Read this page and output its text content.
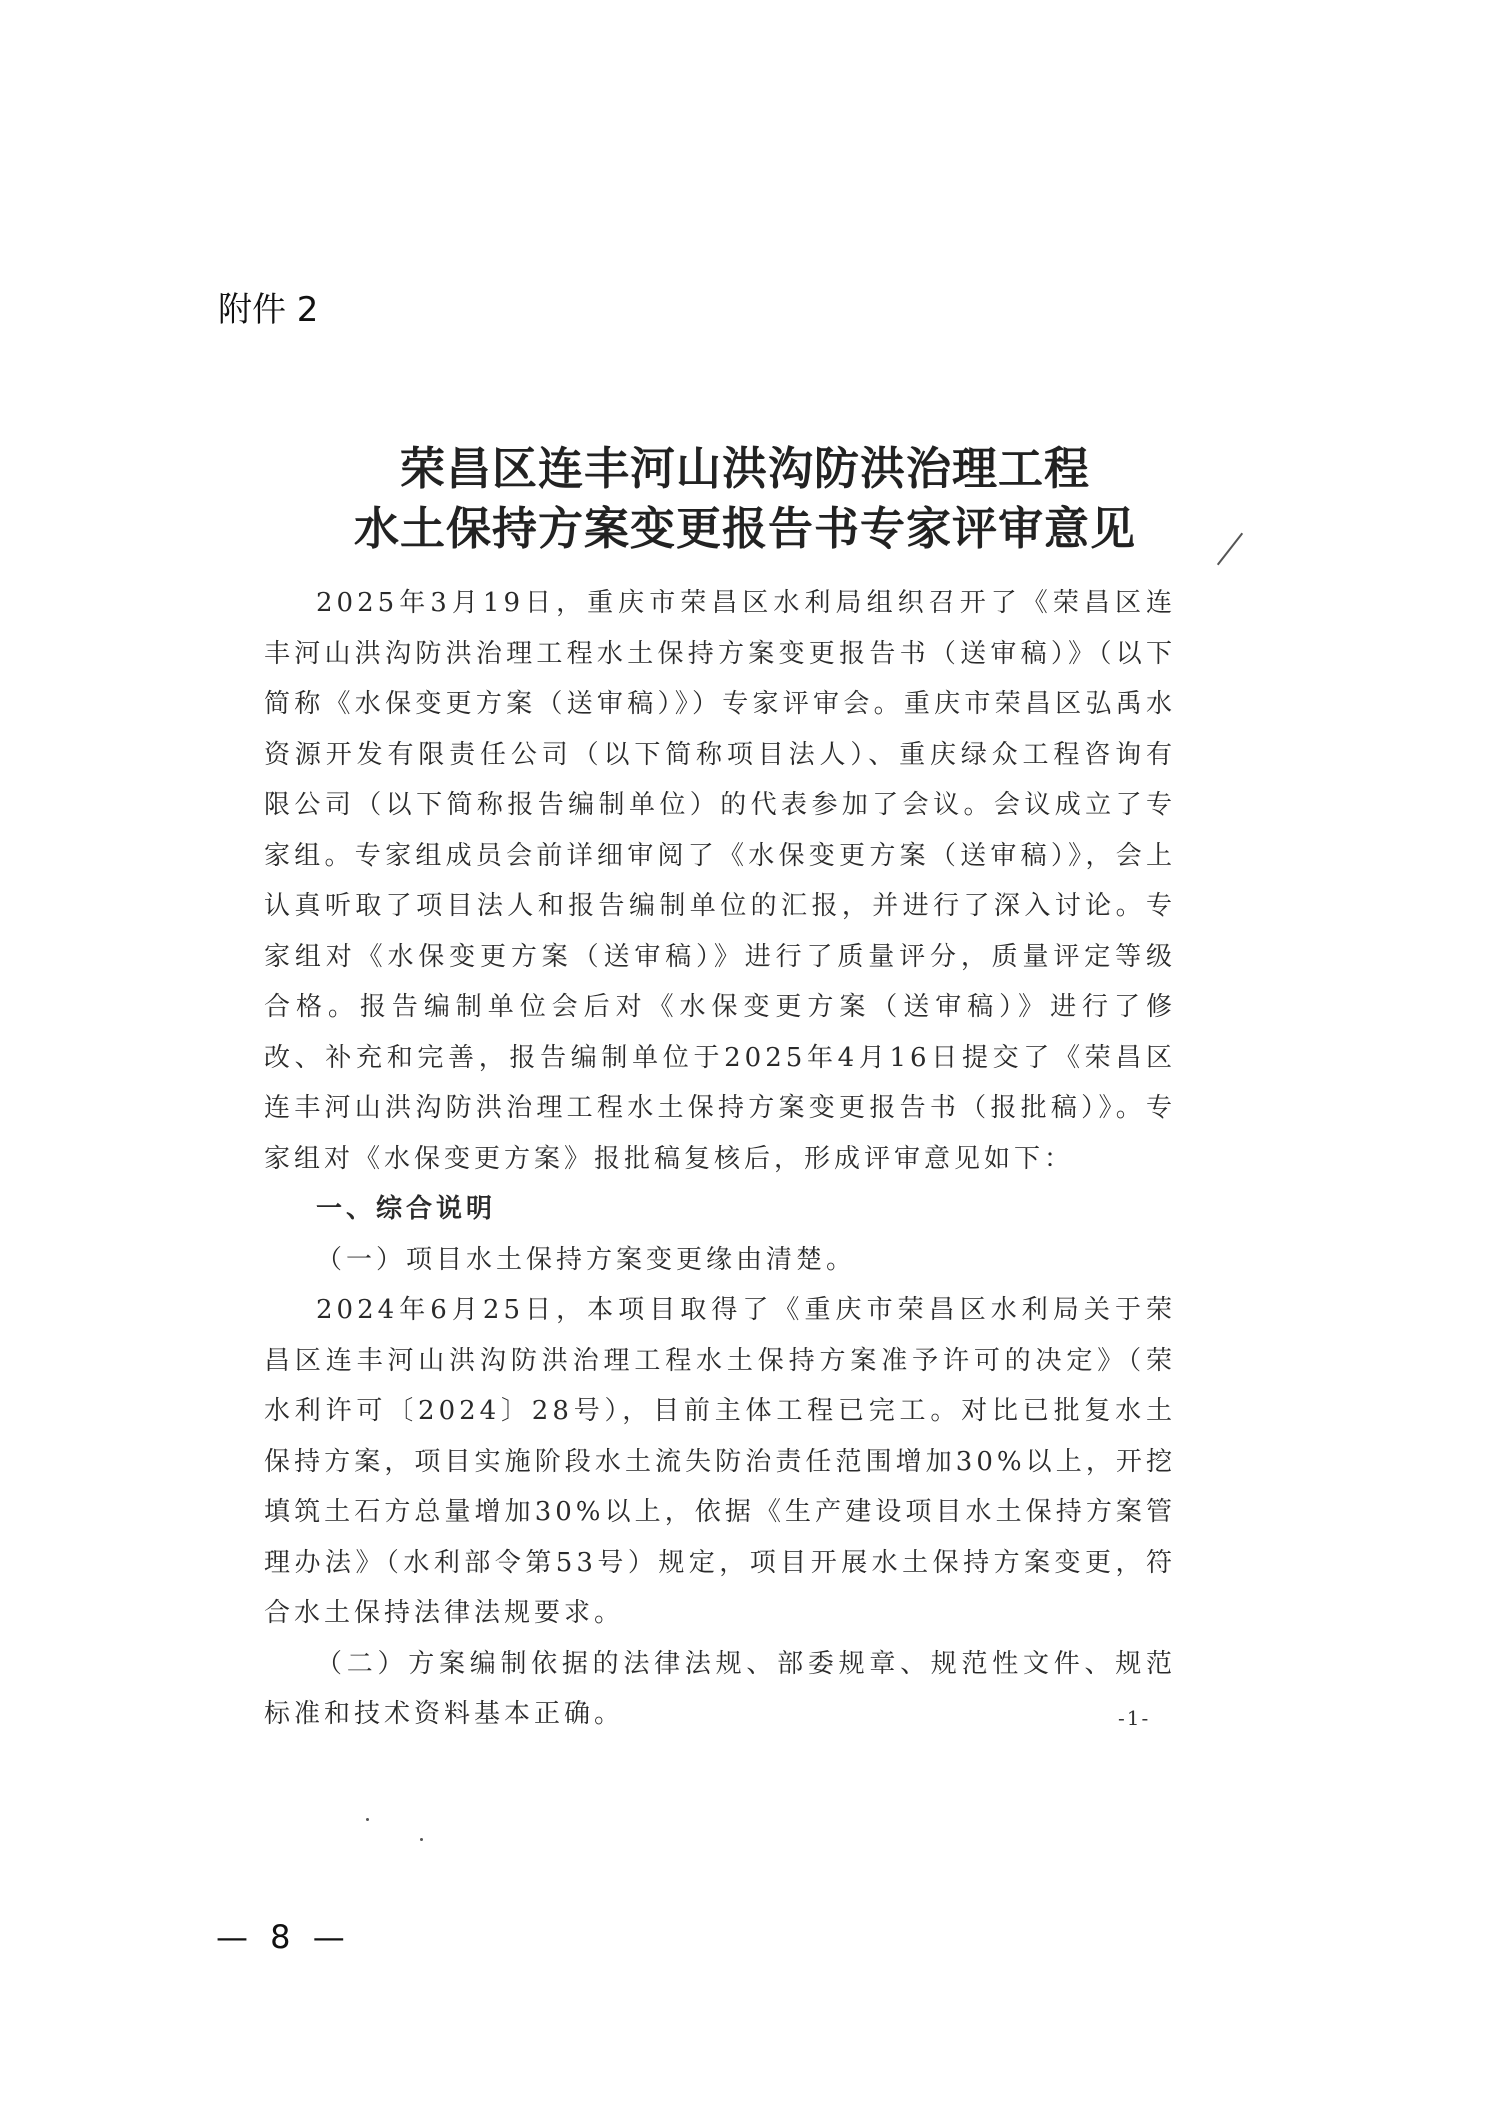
附件 2
荣昌区连丰河山洪沟防洪治理工程
水土保持方案变更报告书专家评审意见

2025年3月19日，重庆市荣昌区水利局组织召开了《荣昌区连丰河山洪沟防洪治理工程水土保持方案变更报告书（送审稿）》（以下简称《水保变更方案（送审稿）》）专家评审会。重庆市荣昌区弘禹水资源开发有限责任公司（以下简称项目法人）、重庆绿众工程咨询有限公司（以下简称报告编制单位）的代表参加了会议。会议成立了专家组。专家组成员会前详细审阅了《水保变更方案（送审稿）》，会上认真听取了项目法人和报告编制单位的汇报，并进行了深入讨论。专家组对《水保变更方案（送审稿）》进行了质量评分，质量评定等级合格。报告编制单位会后对《水保变更方案（送审稿）》进行了修改、补充和完善，报告编制单位于2025年4月16日提交了《荣昌区连丰河山洪沟防洪治理工程水土保持方案变更报告书（报批稿）》。专家组对《水保变更方案》报批稿复核后，形成评审意见如下：

一、综合说明

（一）项目水土保持方案变更缘由清楚。

2024年6月25日，本项目取得了《重庆市荣昌区水利局关于荣昌区连丰河山洪沟防洪治理工程水土保持方案准予许可的决定》（荣水利许可〔2024〕28号），目前主体工程已完工。对比已批复水土保持方案，项目实施阶段水土流失防治责任范围增加30%以上，开挖填筑土石方总量增加30%以上，依据《生产建设项目水土保持方案管理办法》（水利部令第53号）规定，项目开展水土保持方案变更，符合水土保持法律法规要求。

（二）方案编制依据的法律法规、部委规章、规范性文件、规范标准和技术资料基本正确。	-1-
— 8 —
